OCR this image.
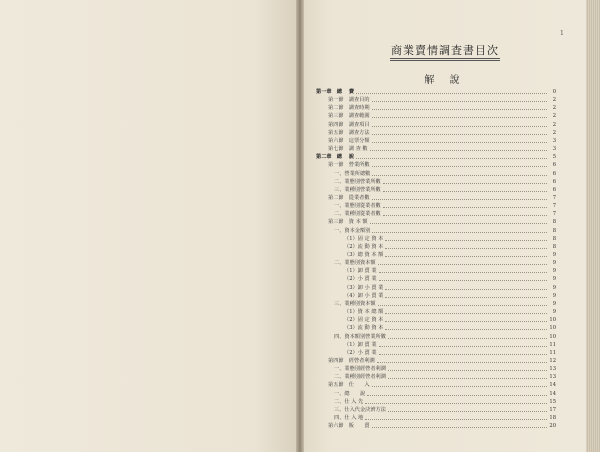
1
商業賣情調査書目次
解 說
第一章　總　 費	0
第一節　調查目的	2
第二節　調查時期	2
第三節　調查範圍	2
第四節　調查項目	2
第五節　調查方法	2
第六節　這票分類	3
第七節　調 查 數	3
第二章　總　 說	5
第一節　營業所數	6
一、營業所總數	6
二、業態別營業所數	6
三、業種別營業所數	6
第二節　從業者數	7
一、業態別從業者數	7
二、業種別從業者數	7
第三節　資 本 額	8
一、資本金額別	8
（1）固 定 資 本	8
（2）流 動 資 本	8
（3）總 資 本 額	9
二、業態別資本額	9
（1）卸 賣 業	9
（2）小 賣 業	9
（3）卸 小 賣 業	9
（4）卸 小 賣 業	9
三、業種別資本額	9
（1）資 本 總 額	9
（2）固 定 資 本	10
（3）流 動 資 本	10
四、資本額別營業所數	10
（1）卸 賣 業	11
（2）小 賣 業	11
第四節　經營者利潤	12
一、業態別經營者利潤	13
二、業種別經營者利潤	13
第五節　仕　　入	14
一、總　　說	14
二、仕 入 先	15
三、仕入代金決濟方法	17
四、仕 入 地	18
第六節　販　　賣	20
